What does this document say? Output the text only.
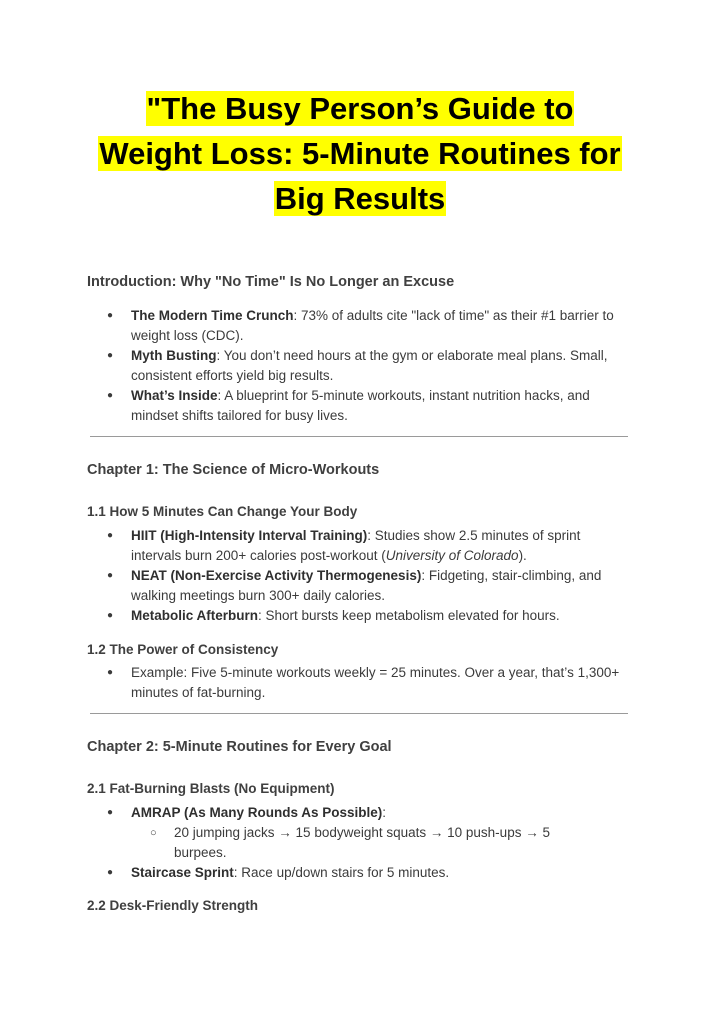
"The Busy Person’s Guide to
Weight Loss: 5-Minute Routines for
Big Results
Introduction: Why "No Time" Is No Longer an Excuse
● The Modern Time Crunch: 73% of adults cite "lack of time" as their #1 barrier to weight loss (CDC).
● Myth Busting: You don’t need hours at the gym or elaborate meal plans. Small, consistent efforts yield big results.
● What’s Inside: A blueprint for 5-minute workouts, instant nutrition hacks, and mindset shifts tailored for busy lives.
Chapter 1: The Science of Micro-Workouts
1.1 How 5 Minutes Can Change Your Body
● HIIT (High-Intensity Interval Training): Studies show 2.5 minutes of sprint intervals burn 200+ calories post-workout (University of Colorado).
● NEAT (Non-Exercise Activity Thermogenesis): Fidgeting, stair-climbing, and walking meetings burn 300+ daily calories.
● Metabolic Afterburn: Short bursts keep metabolism elevated for hours.
1.2 The Power of Consistency
● Example: Five 5-minute workouts weekly = 25 minutes. Over a year, that’s 1,300+ minutes of fat-burning.
Chapter 2: 5-Minute Routines for Every Goal
2.1 Fat-Burning Blasts (No Equipment)
● AMRAP (As Many Rounds As Possible):
○ 20 jumping jacks → 15 bodyweight squats → 10 push-ups → 5 burpees.
● Staircase Sprint: Race up/down stairs for 5 minutes.
2.2 Desk-Friendly Strength
